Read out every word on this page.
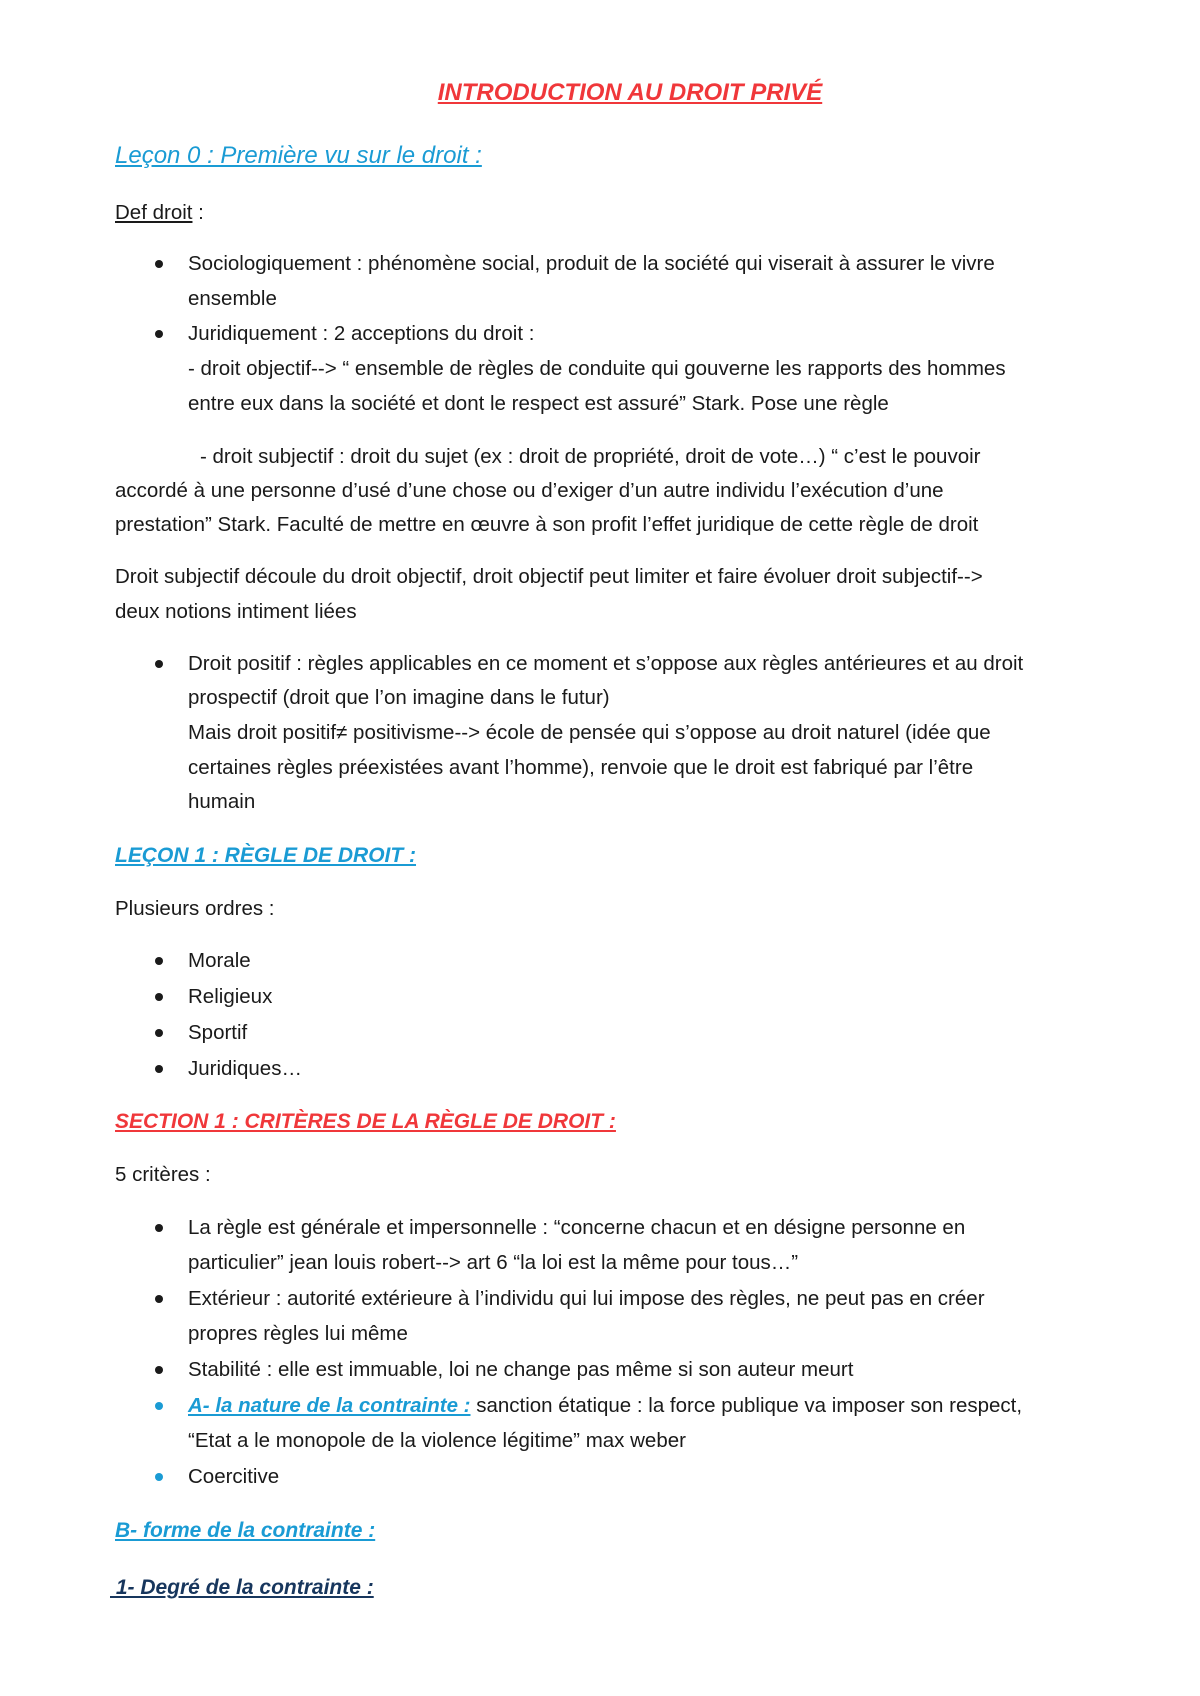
INTRODUCTION AU DROIT PRIVÉ
Leçon 0 : Première vu sur le droit :
Def droit :
Sociologiquement : phénomène social, produit de la société qui viserait à assurer le vivre
ensemble
Juridiquement : 2 acceptions du droit :
- droit objectif--> “ ensemble de règles de conduite qui gouverne les rapports des hommes
entre eux dans la société et dont le respect est assuré” Stark. Pose une règle
- droit subjectif : droit du sujet (ex : droit de propriété, droit de vote…) “ c’est le pouvoir
accordé à une personne d’usé d’une chose ou d’exiger d’un autre individu l’exécution d’une
prestation” Stark. Faculté de mettre en œuvre à son profit l’effet juridique de cette règle de droit
Droit subjectif découle du droit objectif, droit objectif peut limiter et faire évoluer droit subjectif-->
deux notions intiment liées
Droit positif : règles applicables en ce moment et s’oppose aux règles antérieures et au droit
prospectif (droit que l’on imagine dans le futur)
Mais droit positif≠ positivisme--> école de pensée qui s’oppose au droit naturel (idée que
certaines règles préexistées avant l’homme), renvoie que le droit est fabriqué par l’être
humain
LEÇON 1 : RÈGLE DE DROIT :
Plusieurs ordres :
Morale
Religieux
Sportif
Juridiques…
SECTION 1 : CRITÈRES DE LA RÈGLE DE DROIT :
5 critères :
La règle est générale et impersonnelle : “concerne chacun et en désigne personne en
particulier” jean louis robert--> art 6 “la loi est la même pour tous…”
Extérieur : autorité extérieure à l’individu qui lui impose des règles, ne peut pas en créer
propres règles lui même
Stabilité : elle est immuable, loi ne change pas même si son auteur meurt
A- la nature de la contrainte : sanction étatique : la force publique va imposer son respect,
“Etat a le monopole de la violence légitime” max weber
Coercitive
B- forme de la contrainte :
1- Degré de la contrainte :
